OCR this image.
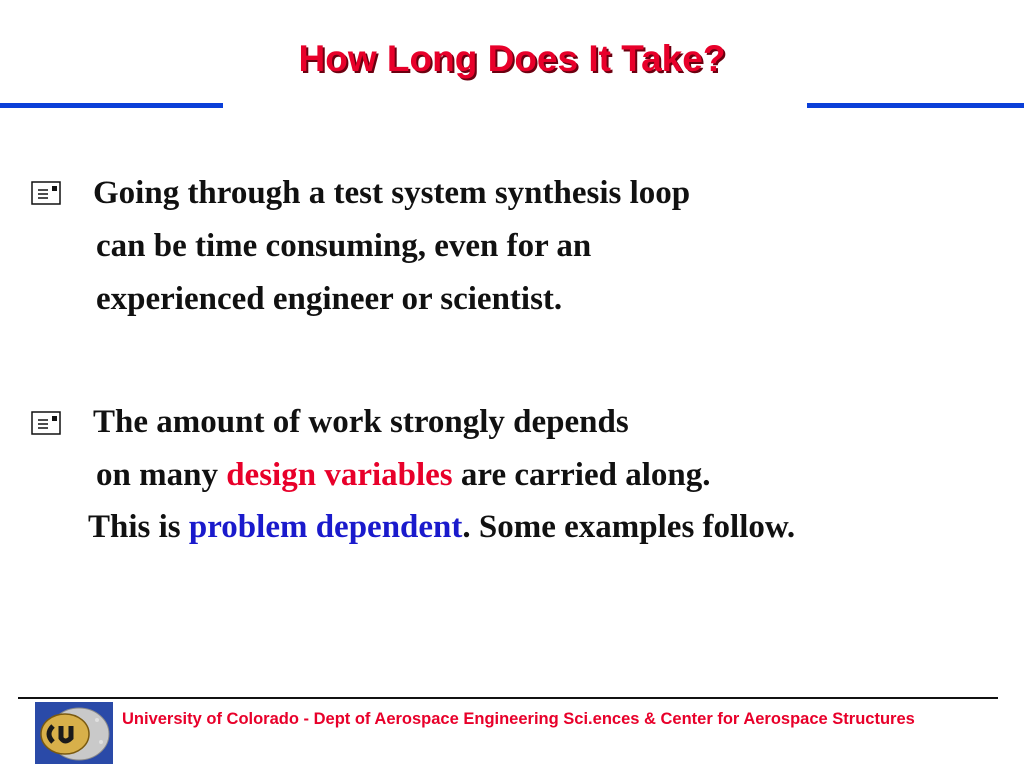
How Long Does It Take?

Going through a test system synthesis loop

can be time consuming, even for an

experienced engineer or scientist.

The amount of work strongly depends

on many design variables are carried along.

This is problem dependent. Some examples follow.

University of Colorado - Dept of Aerospace Engineering Sci.ences & Center for Aerospace Structures
